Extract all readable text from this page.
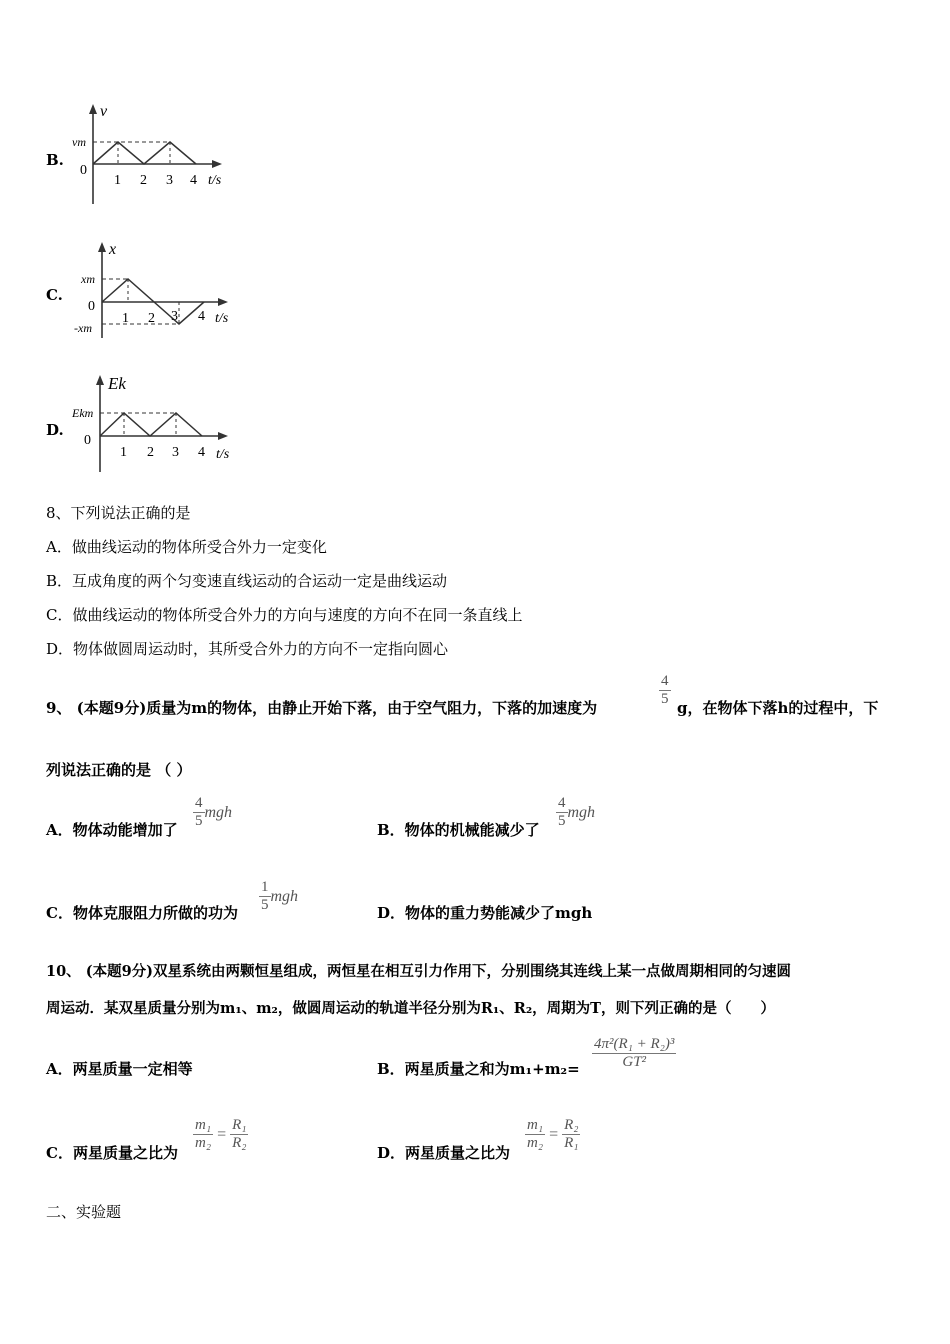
B.
v
vm
0
1 2 3 4 t/s
C.
x
xm
0
-xm
1 2 3 4 t/s
D.
Ek
Ekm
0
1 2 3 4 t/s
8、下列说法正确的是
A．做曲线运动的物体所受合外力一定变化
B．互成角度的两个匀变速直线运动的合运动一定是曲线运动
C．做曲线运动的物体所受合外力的方向与速度的方向不在同一条直线上
D．物体做圆周运动时，其所受合外力的方向不一定指向圆心
9、 (本题9分)质量为m的物体，由静止开始下落，由于空气阻力，下落的加速度为	$\frac{4}{5}$ g，在物体下落h的过程中，下
列说法正确的是 （ ）
A．物体动能增加了 $\frac{4}{5}$ mgh
B．物体的机械能减少了 $\frac{4}{5}$ mgh
C．物体克服阻力所做的功为 $\frac{1}{5}$ mgh
D．物体的重力势能减少了mgh
10、 (本题9分)双星系统由两颗恒星组成，两恒星在相互引力作用下，分别围绕其连线上某一点做周期相同的匀速圆
周运动．某双星质量分别为m₁、m₂，做圆周运动的轨道半径分别为R₁、R₂，周期为T，则下列正确的是（　　）
A．两星质量一定相等	B．两星质量之和为$m_1+m_2= \frac{\text{4π²(R₁ + R₂)³}}{\text{GT²}}$
C．两星质量之比为
$\frac{\text{m₁}}{\text{m₂}} = \frac{\text{R₁}}{\text{R₂}}$
D．两星质量之比为
$\frac{\text{m₁}}{\text{m₂}} = \frac{\text{R₂}}{\text{R₁}}$
二、实验题
